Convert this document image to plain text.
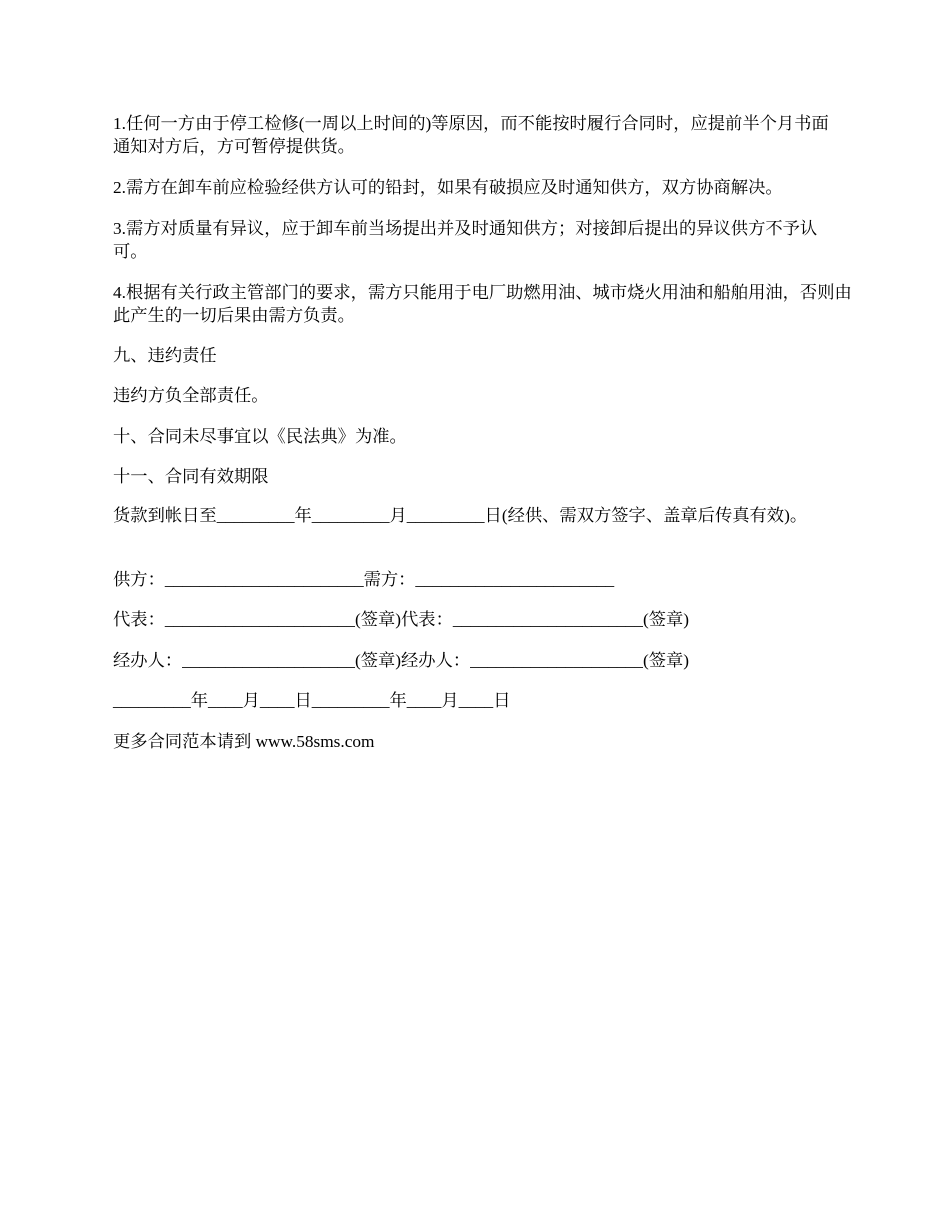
1.任何一方由于停工检修(一周以上时间的)等原因，而不能按时履行合同时，应提前半个月书面通知对方后，方可暂停提供货。

2.需方在卸车前应检验经供方认可的铅封，如果有破损应及时通知供方，双方协商解决。

3.需方对质量有异议，应于卸车前当场提出并及时通知供方；对接卸后提出的异议供方不予认可。

4.根据有关行政主管部门的要求，需方只能用于电厂助燃用油、城市烧火用油和船舶用油，否则由此产生的一切后果由需方负责。

九、违约责任

违约方负全部责任。

十、合同未尽事宜以《民法典》为准。

十一、合同有效期限

货款到帐日至_________年_________月_________日(经供、需双方签字、盖章后传真有效)。

供方：_______________________需方：_______________________

代表：______________________(签章)代表：______________________(签章)

经办人：____________________(签章)经办人：____________________(签章)

_________年____月____日_________年____月____日

更多合同范本请到 www.58sms.com
